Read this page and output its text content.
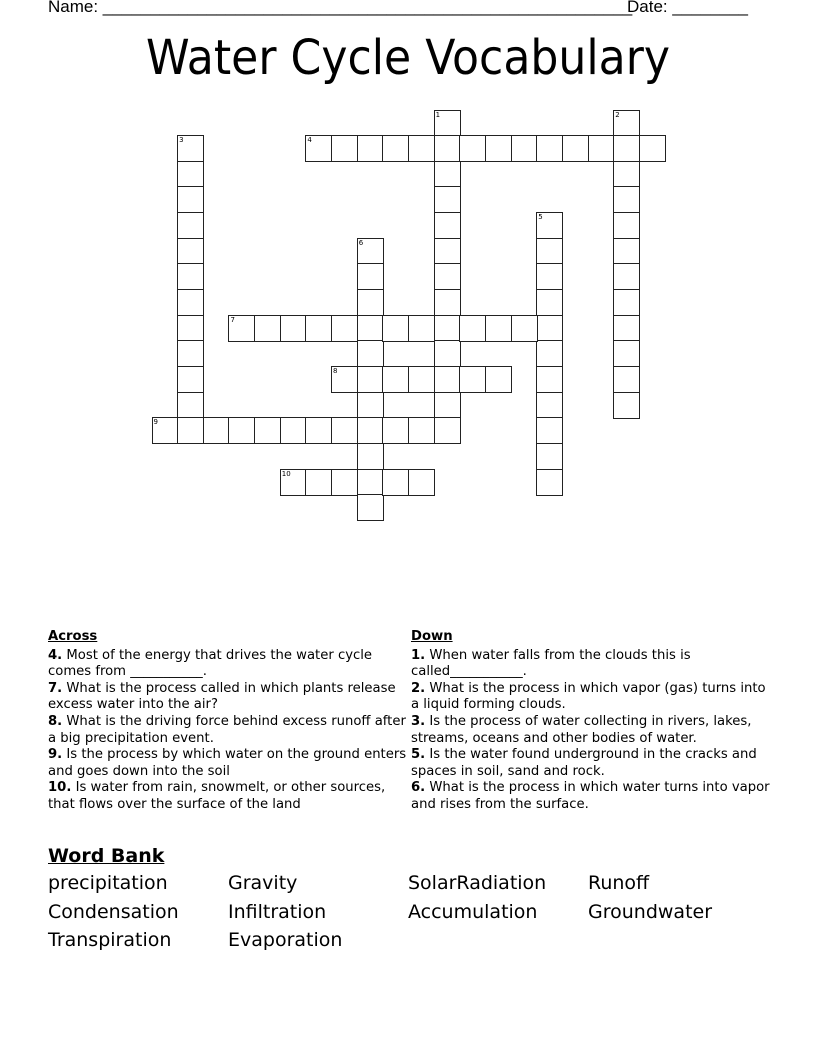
Name: ________________________________________________________
Date: ________
Water Cycle Vocabulary
1	2
3	4
5
6
7
8
9
10
Across
4. Most of the energy that drives the water cycle comes from ___________.
7. What is the process called in which plants release excess water into the air?
8. What is the driving force behind excess runoff after a big precipitation event.
9. Is the process by which water on the ground enters and goes down into the soil
10. Is water from rain, snowmelt, or other sources, that flows over the surface of the land
Down
1. When water falls from the clouds this is called___________.
2. What is the process in which vapor (gas) turns into a liquid forming clouds.
3. Is the process of water collecting in rivers, lakes, streams, oceans and other bodies of water.
5. Is the water found underground in the cracks and spaces in soil, sand and rock.
6. What is the process in which water turns into vapor and rises from the surface.
Word Bank
precipitation	Gravity	SolarRadiation Runoff
Condensation	Infiltration	Accumulation	Groundwater
Transpiration	Evaporation
